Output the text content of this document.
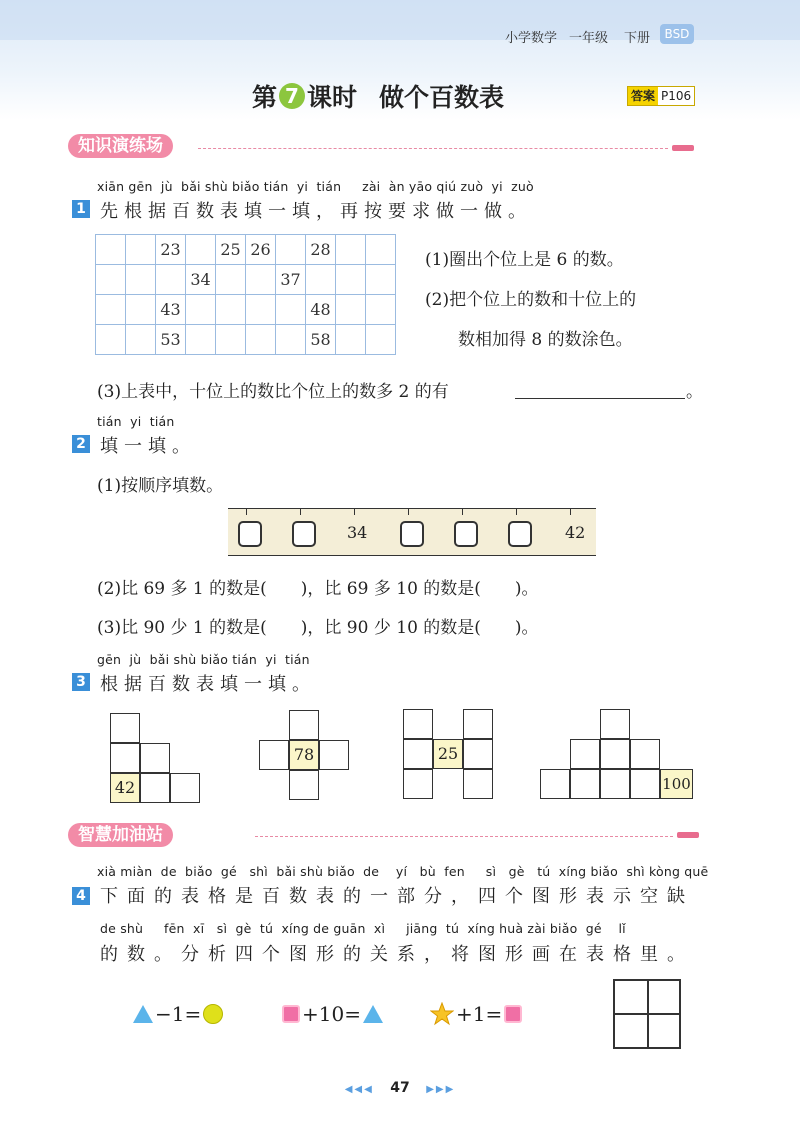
小学数学 一年级 下册	BSD
第 7 课时 做个百数表	答案 P106
知识演练场
xiān gēn  jù  bǎi shù biǎo tián  yi  tián     zài  àn yāo qiú zuò  yi  zuò
1 先根据百数表填一填，再按要求做一做。
		23		25	26		28		
			34			37			
		43					48		
		53					58		
(1)圈出个位上是 6 的数。
(2)把个位上的数和十位上的
数相加得 8 的数涂色。
(3)上表中，十位上的数比个位上的数多 2 的有	。
tián  yi  tián
2 填一填。
(1)按顺序填数。
34	42
(2)比 69 多 1 的数是(　　)，比 69 多 10 的数是(　　)。
(3)比 90 少 1 的数是(　　)，比 90 少 10 的数是(　　)。
gēn  jù  bǎi shù biǎo tián  yi  tián
3 根据百数表填一填。
42
78	25
100
智慧加油站
xià miàn  de  biǎo  gé   shì  bǎi shù biǎo  de    yí   bù  fen     sì   gè   tú  xíng biǎo  shì kòng quē
4 下面的表格是百数表的一部分，四个图形表示空缺
de shù     fēn  xī   sì  gè  tú  xíng de guān  xì     jiāng  tú  xíng huà zài biǎo  gé    lǐ
的数。分析四个图形的关系，将图形画在表格里。
−1=	+10=	+1=
◀◀◀ 47 ▶▶▶
